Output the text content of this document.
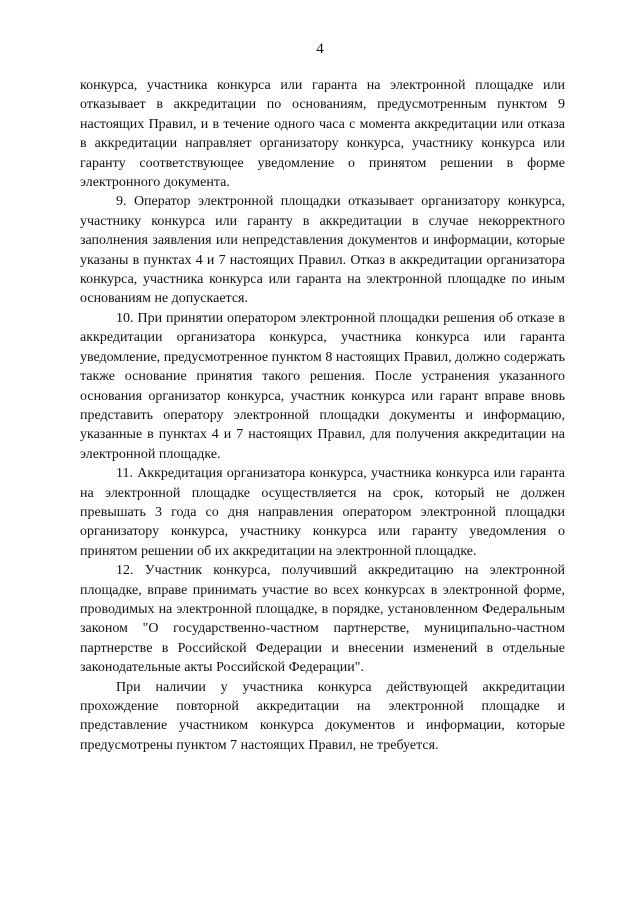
4

конкурса, участника конкурса или гаранта на электронной площадке или отказывает в аккредитации по основаниям, предусмотренным пунктом 9 настоящих Правил, и в течение одного часа с момента аккредитации или отказа в аккредитации направляет организатору конкурса, участнику конкурса или гаранту соответствующее уведомление о принятом решении в форме электронного документа.

9. Оператор электронной площадки отказывает организатору конкурса, участнику конкурса или гаранту в аккредитации в случае некорректного заполнения заявления или непредставления документов и информации, которые указаны в пунктах 4 и 7 настоящих Правил. Отказ в аккредитации организатора конкурса, участника конкурса или гаранта на электронной площадке по иным основаниям не допускается.

10. При принятии оператором электронной площадки решения об отказе в аккредитации организатора конкурса, участника конкурса или гаранта уведомление, предусмотренное пунктом 8 настоящих Правил, должно содержать также основание принятия такого решения. После устранения указанного основания организатор конкурса, участник конкурса или гарант вправе вновь представить оператору электронной площадки документы и информацию, указанные в пунктах 4 и 7 настоящих Правил, для получения аккредитации на электронной площадке.

11. Аккредитация организатора конкурса, участника конкурса или гаранта на электронной площадке осуществляется на срок, который не должен превышать 3 года со дня направления оператором электронной площадки организатору конкурса, участнику конкурса или гаранту уведомления о принятом решении об их аккредитации на электронной площадке.

12. Участник конкурса, получивший аккредитацию на электронной площадке, вправе принимать участие во всех конкурсах в электронной форме, проводимых на электронной площадке, в порядке, установленном Федеральным законом "О государственно-частном партнерстве, муниципально-частном партнерстве в Российской Федерации и внесении изменений в отдельные законодательные акты Российской Федерации".

При наличии у участника конкурса действующей аккредитации прохождение повторной аккредитации на электронной площадке и представление участником конкурса документов и информации, которые предусмотрены пунктом 7 настоящих Правил, не требуется.
